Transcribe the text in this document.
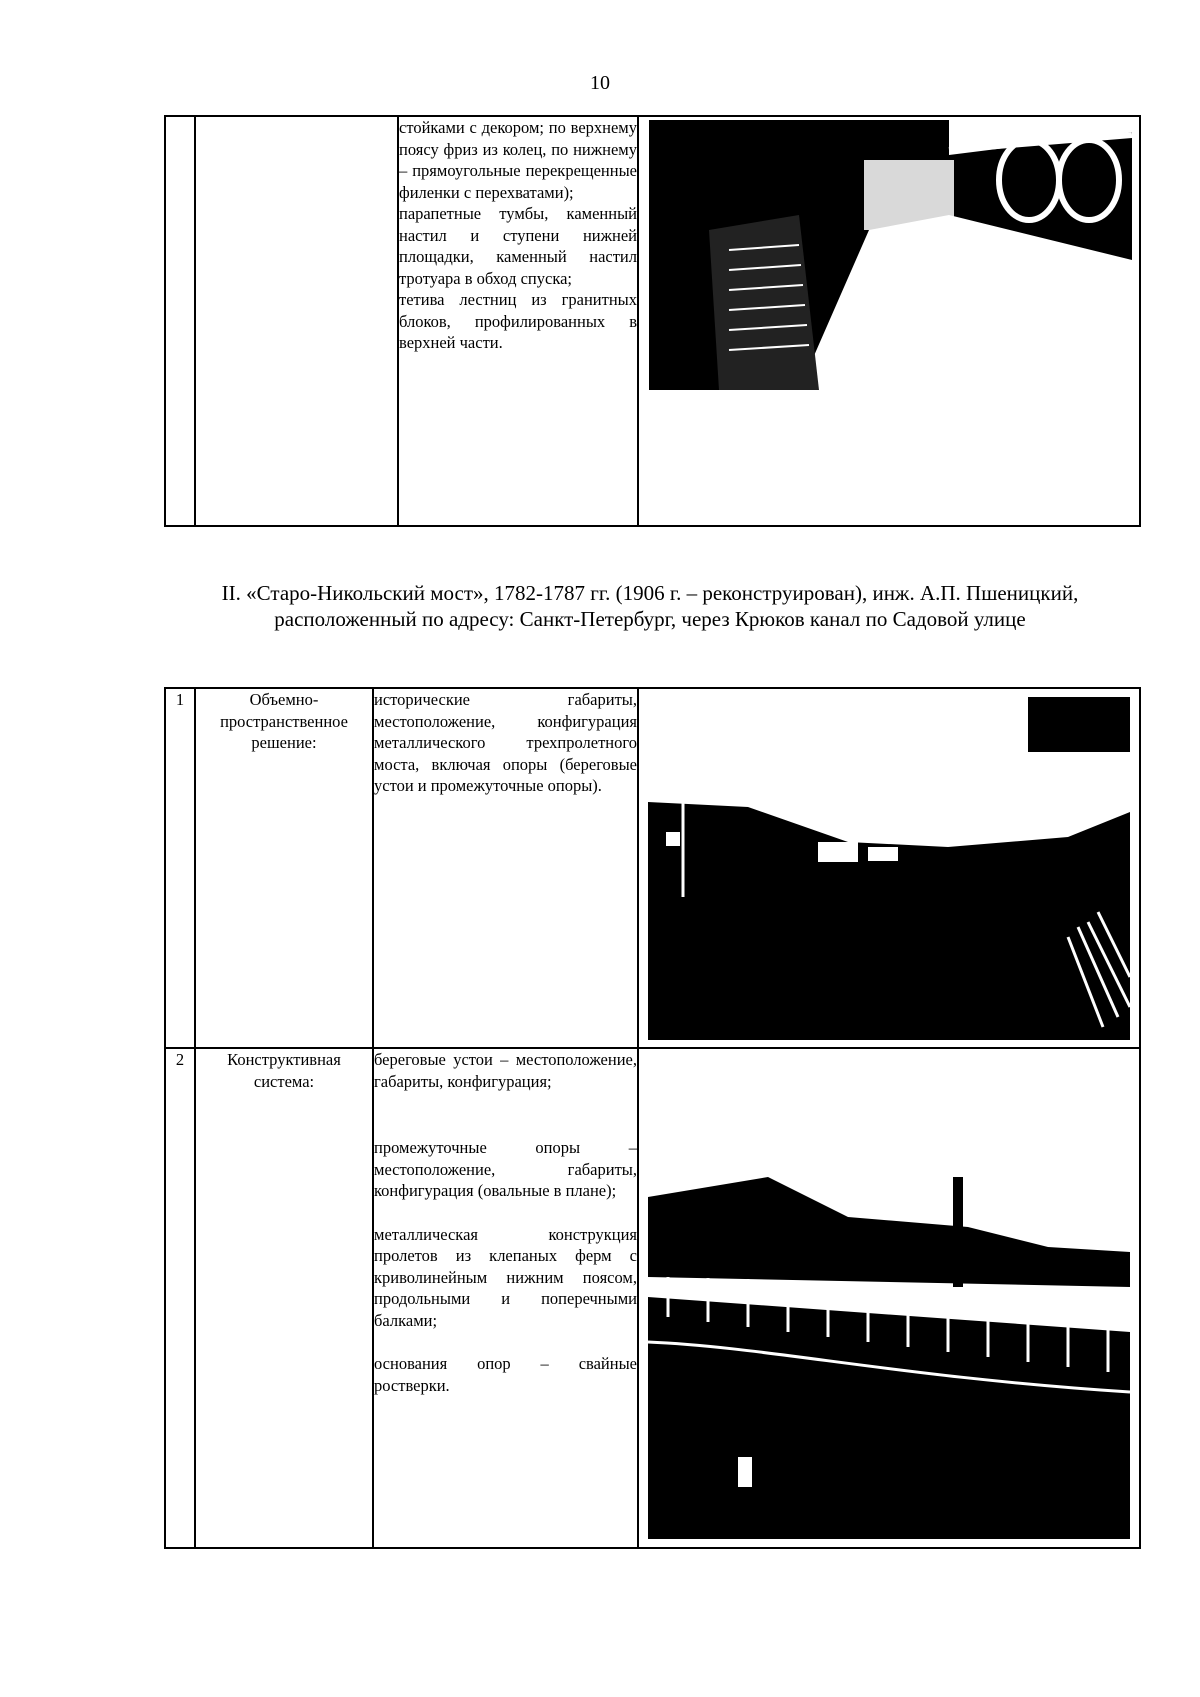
10

стойками с декором; по верхнему поясу фриз из колец, по нижнему – прямоугольные перекрещенные филенки с перехватами);

парапетные тумбы, каменный настил и ступени нижней площадки, каменный настил тротуара в обход спуска;

тетива лестниц из гранитных блоков, профилированных в верхней части.

II. «Старо-Никольский мост», 1782-1787 гг. (1906 г. – реконструирован), инж. А.П. Пшеницкий, расположенный по адресу: Санкт-Петербург, через Крюков канал по Садовой улице
1	Объемно-пространственное решение:	исторические габариты, местоположение, конфигурация металлического трехпролетного моста, включая опоры (береговые устои и промежуточные опоры).

2	Конструктивная система:	береговые устои – местоположение, габариты, конфигурация;

промежуточные опоры – местоположение, габариты, конфигурация (овальные в плане);

металлическая конструкция пролетов из клепаных ферм с криволинейным нижним поясом, продольными и поперечными балками;

основания опор – свайные ростверки.
